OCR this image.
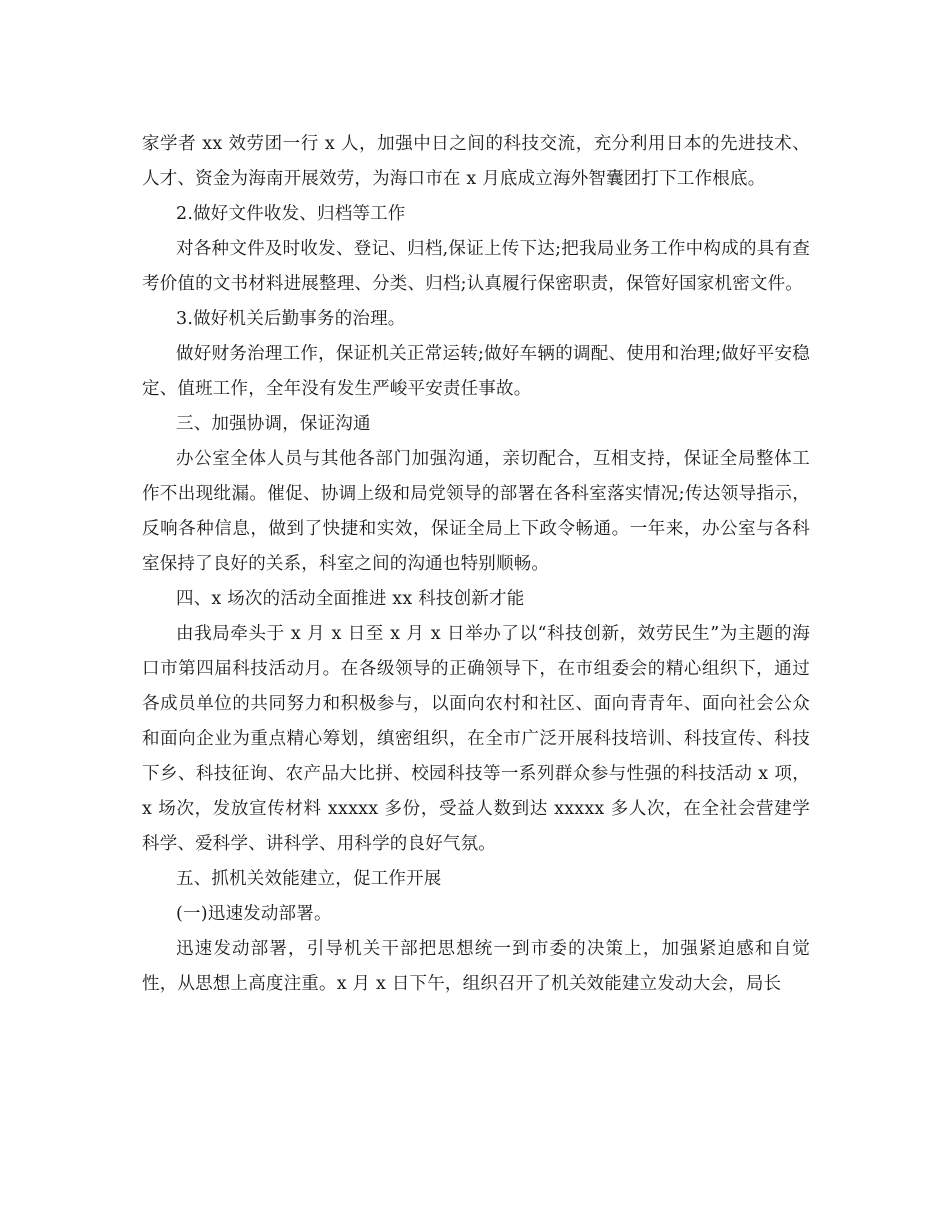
家学者 xx 效劳团一行 x 人，加强中日之间的科技交流，充分利用日本的先进技术、人才、资金为海南开展效劳，为海口市在 x 月底成立海外智囊团打下工作根底。

2.做好文件收发、归档等工作

对各种文件及时收发、登记、归档,保证上传下达;把我局业务工作中构成的具有查考价值的文书材料进展整理、分类、归档;认真履行保密职责，保管好国家机密文件。

3.做好机关后勤事务的治理。

做好财务治理工作，保证机关正常运转;做好车辆的调配、使用和治理;做好平安稳定、值班工作，全年没有发生严峻平安责任事故。

三、加强协调，保证沟通

办公室全体人员与其他各部门加强沟通，亲切配合，互相支持，保证全局整体工作不出现纰漏。催促、协调上级和局党领导的部署在各科室落实情况;传达领导指示，反响各种信息，做到了快捷和实效，保证全局上下政令畅通。一年来，办公室与各科室保持了良好的关系，科室之间的沟通也特别顺畅。

四、x 场次的活动全面推进 xx 科技创新才能

由我局牵头于 x 月 x 日至 x 月 x 日举办了以“科技创新，效劳民生”为主题的海口市第四届科技活动月。在各级领导的正确领导下，在市组委会的精心组织下，通过各成员单位的共同努力和积极参与，以面向农村和社区、面向青青年、面向社会公众和面向企业为重点精心筹划，缜密组织，在全市广泛开展科技培训、科技宣传、科技下乡、科技征询、农产品大比拼、校园科技等一系列群众参与性强的科技活动 x 项，x 场次，发放宣传材料 xxxxx 多份，受益人数到达 xxxxx 多人次，在全社会营建学科学、爱科学、讲科学、用科学的良好气氛。

五、抓机关效能建立，促工作开展

(一)迅速发动部署。

迅速发动部署，引导机关干部把思想统一到市委的决策上，加强紧迫感和自觉性，从思想上高度注重。x 月 x 日下午，组织召开了机关效能建立发动大会，局长
